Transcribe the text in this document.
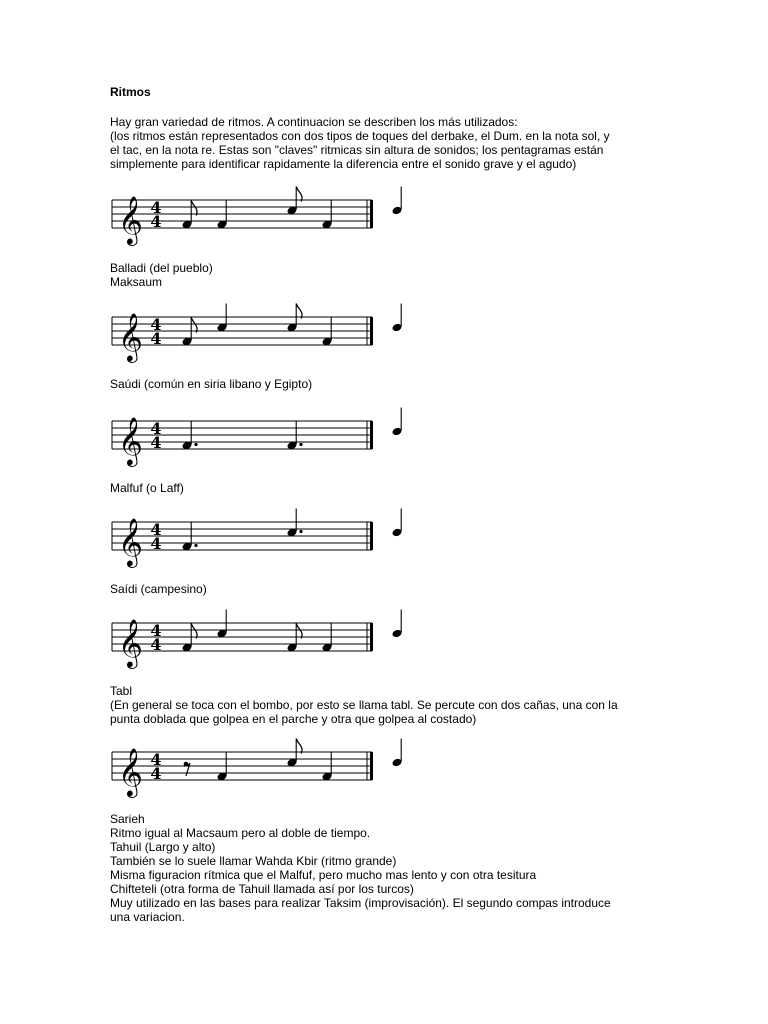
Ritmos
Hay gran variedad de ritmos. A continuacion se describen los más utilizados:
(los ritmos están representados con dos tipos de toques del derbake, el Dum. en la nota sol, y
el tac, en la nota re. Estas son "claves" ritmicas sin altura de sonidos; los pentagramas están
simplemente para identificar rapidamente la diferencia entre el sonido grave y el agudo)
Balladi (del pueblo)
Maksaum
𝄞 4
4
Saúdi (común en siria libano y Egipto)
𝄞 4
4
Malfuf (o Laff)
𝄞 4
4
Saídi (campesino)
𝄞 4
4
Tabl
(En general se toca con el bombo, por esto se llama tabl. Se percute con dos cañas, una con la
punta doblada que golpea en el parche y otra que golpea al costado)
𝄞 4
4
Sarieh
Ritmo igual al Macsaum pero al doble de tiempo.
Tahuil (Largo y alto)
También se lo suele llamar Wahda Kbir (ritmo grande)
Misma figuracion rítmica que el Malfuf, pero mucho mas lento y con otra tesitura
Chifteteli (otra forma de Tahuil llamada así por los turcos)
Muy utilizado en las bases para realizar Taksim (improvisación). El segundo compas introduce
una variacion.
𝄞 4
4
